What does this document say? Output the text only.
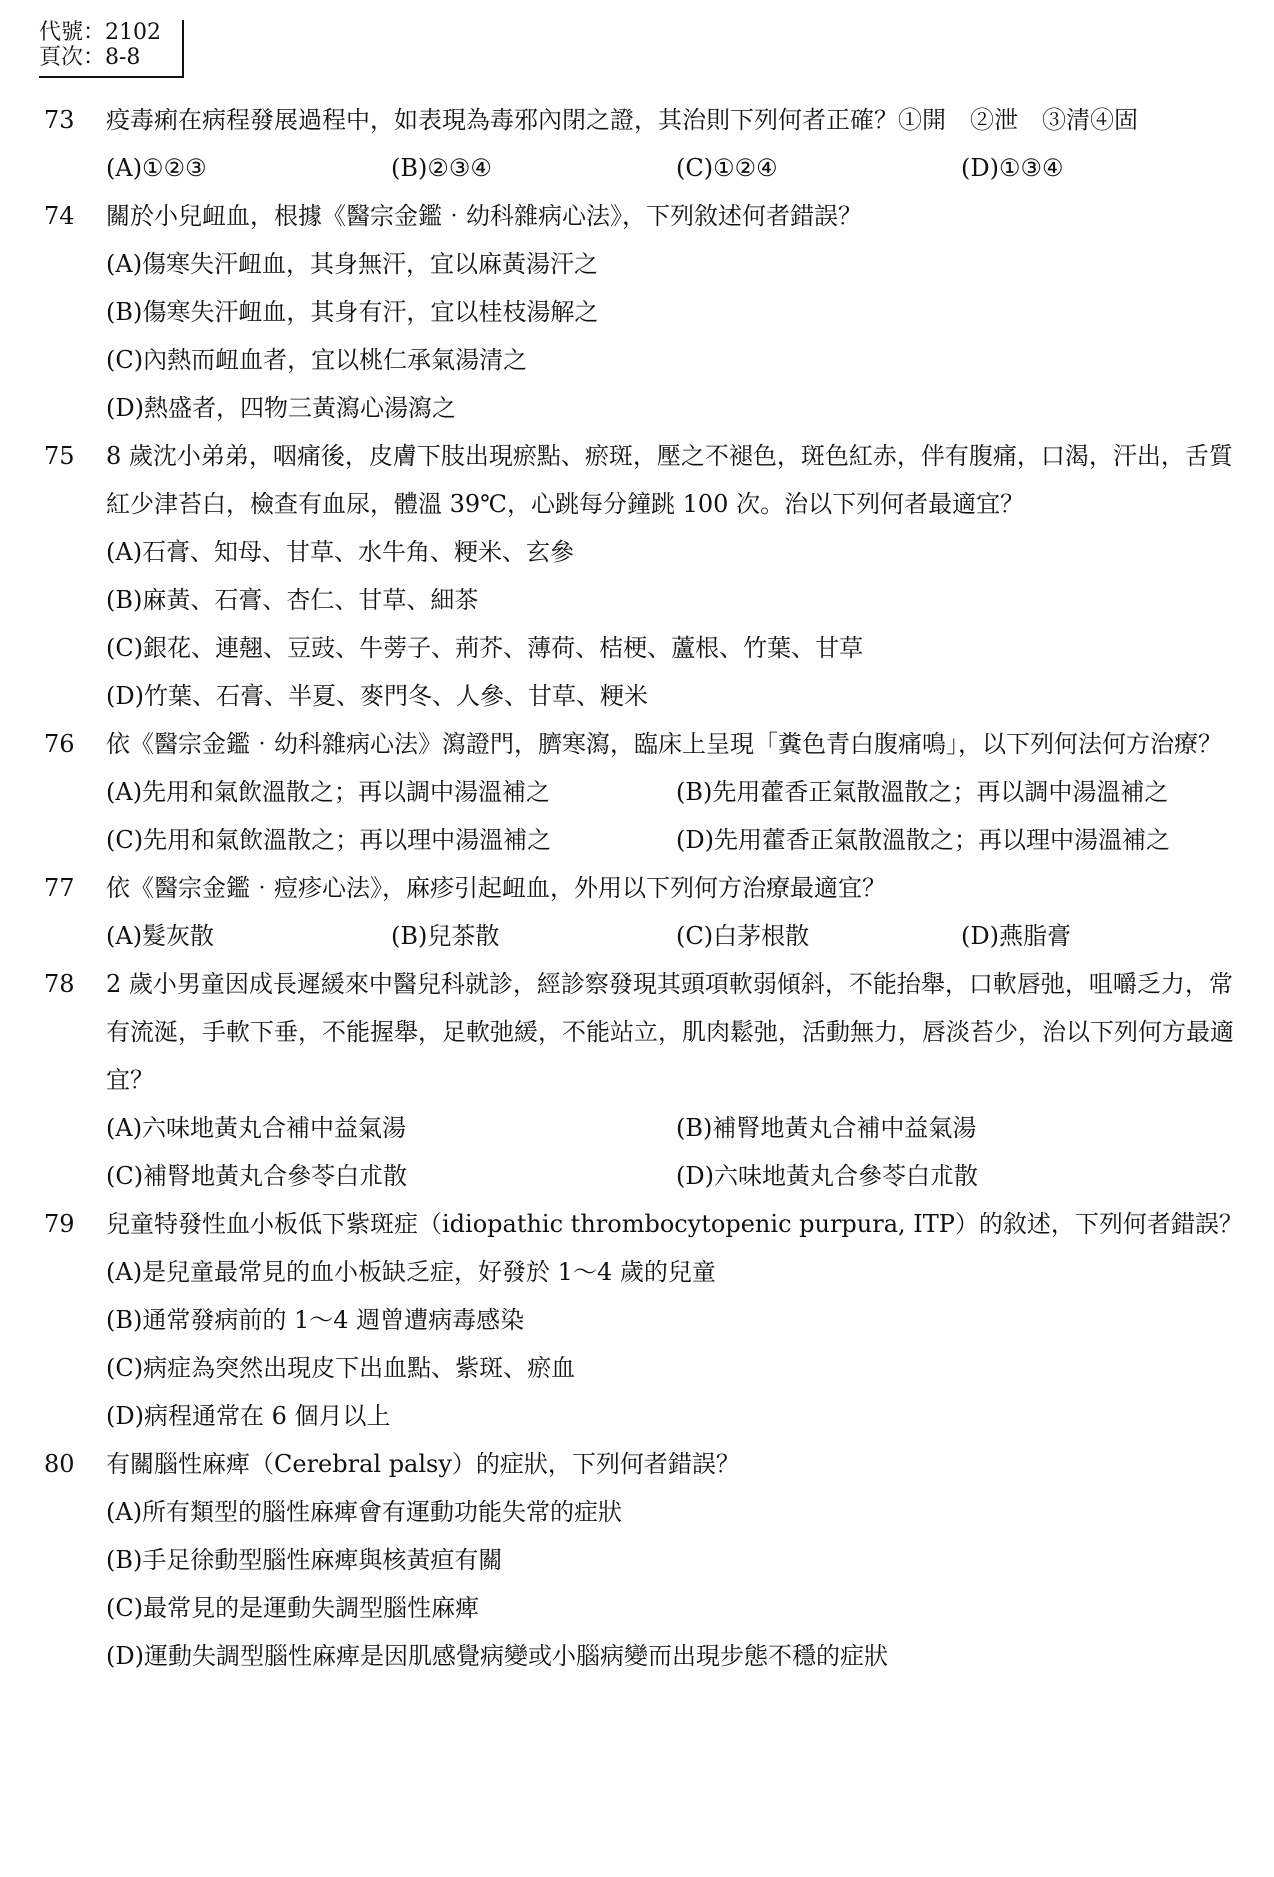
代號：2102
頁次：8-8
73 疫毒痢在病程發展過程中，如表現為毒邪內閉之證，其治則下列何者正確？①開　②泄　③清④固
(A)①②③	(B)②③④	(C)①②④	(D)①③④
74 關於小兒衄血，根據《醫宗金鑑‧幼科雜病心法》，下列敘述何者錯誤？
(A)傷寒失汗衄血，其身無汗，宜以麻黃湯汗之
(B)傷寒失汗衄血，其身有汗，宜以桂枝湯解之
(C)內熱而衄血者，宜以桃仁承氣湯清之
(D)熱盛者，四物三黃瀉心湯瀉之
75 8 歲沈小弟弟，咽痛後，皮膚下肢出現瘀點、瘀斑，壓之不褪色，斑色紅赤，伴有腹痛，口渴，汗出，舌質紅少津苔白，檢查有血尿，體溫 39℃，心跳每分鐘跳 100 次。治以下列何者最適宜？
(A)石膏、知母、甘草、水牛角、粳米、玄參
(B)麻黃、石膏、杏仁、甘草、細茶
(C)銀花、連翹、豆豉、牛蒡子、荊芥、薄荷、桔梗、蘆根、竹葉、甘草
(D)竹葉、石膏、半夏、麥門冬、人參、甘草、粳米
76 依《醫宗金鑑‧幼科雜病心法》瀉證門，臍寒瀉，臨床上呈現「糞色青白腹痛鳴」，以下列何法何方治療？
(A)先用和氣飲溫散之；再以調中湯溫補之	(B)先用藿香正氣散溫散之；再以調中湯溫補之
(C)先用和氣飲溫散之；再以理中湯溫補之	(D)先用藿香正氣散溫散之；再以理中湯溫補之
77 依《醫宗金鑑‧痘疹心法》，麻疹引起衄血，外用以下列何方治療最適宜？
(A)髮灰散	(B)兒茶散	(C)白茅根散	(D)燕脂膏
78 2 歲小男童因成長遲緩來中醫兒科就診，經診察發現其頭項軟弱傾斜，不能抬舉，口軟唇弛，咀嚼乏力，常有流涎，手軟下垂，不能握舉，足軟弛緩，不能站立，肌肉鬆弛，活動無力，唇淡苔少，治以下列何方最適宜？
(A)六味地黃丸合補中益氣湯	(B)補腎地黃丸合補中益氣湯
(C)補腎地黃丸合參苓白朮散	(D)六味地黃丸合參苓白朮散
79 兒童特發性血小板低下紫斑症（idiopathic thrombocytopenic purpura, ITP）的敘述，下列何者錯誤？
(A)是兒童最常見的血小板缺乏症，好發於 1～4 歲的兒童
(B)通常發病前的 1～4 週曾遭病毒感染
(C)病症為突然出現皮下出血點、紫斑、瘀血
(D)病程通常在 6 個月以上
80 有關腦性麻痺（Cerebral palsy）的症狀，下列何者錯誤？
(A)所有類型的腦性麻痺會有運動功能失常的症狀
(B)手足徐動型腦性麻痺與核黃疸有關
(C)最常見的是運動失調型腦性麻痺
(D)運動失調型腦性麻痺是因肌感覺病變或小腦病變而出現步態不穩的症狀
